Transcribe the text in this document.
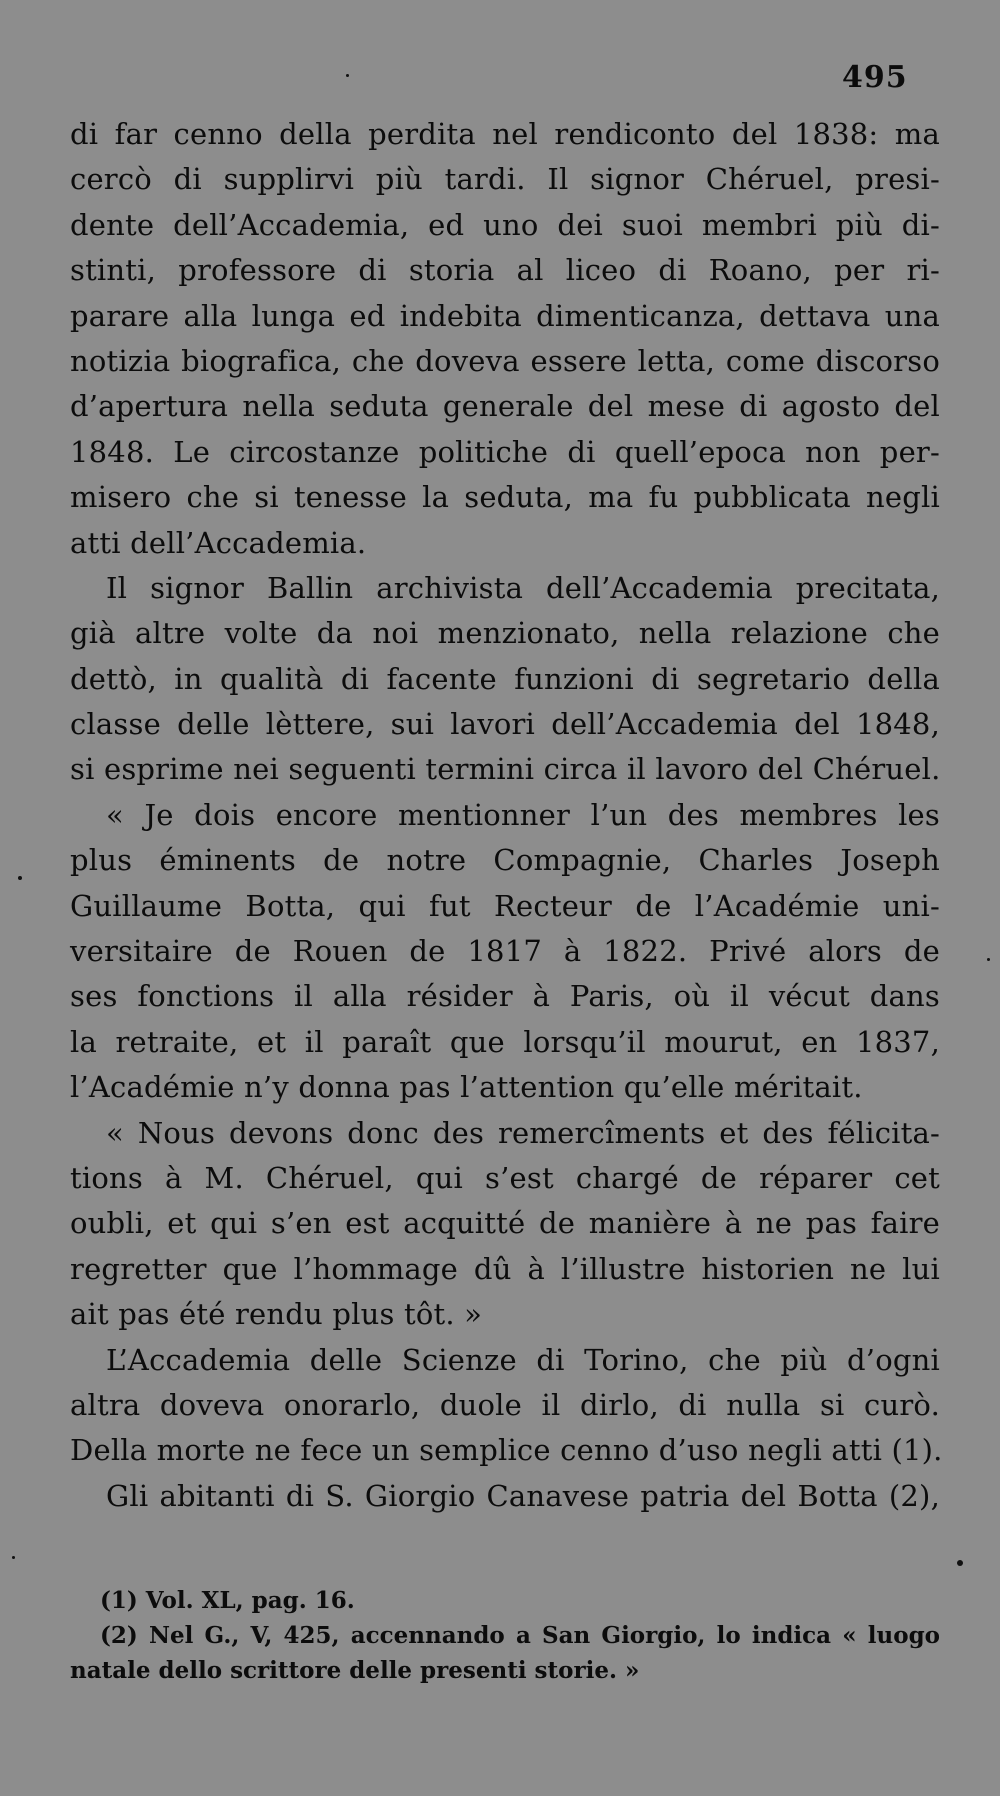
495
di far cenno della perdita nel rendiconto del 1838: ma
cercò di supplirvi più tardi. Il signor Chéruel, presi-
dente dell’Accademia, ed uno dei suoi membri più di-
stinti, professore di storia al liceo di Roano, per ri-
parare alla lunga ed indebita dimenticanza, dettava una
notizia biografica, che doveva essere letta, come discorso
d’apertura nella seduta generale del mese di agosto del
1848. Le circostanze politiche di quell’epoca non per-
misero che si tenesse la seduta, ma fu pubblicata negli
atti dell’Accademia.
Il signor Ballin archivista dell’Accademia precitata,
già altre volte da noi menzionato, nella relazione che
dettò, in qualità di facente funzioni di segretario della
classe delle lèttere, sui lavori dell’Accademia del 1848,
si esprime nei seguenti termini circa il lavoro del Chéruel.
« Je dois encore mentionner l’un des membres les
plus éminents de notre Compagnie, Charles Joseph
Guillaume Botta, qui fut Recteur de l’Académie uni-
versitaire de Rouen de 1817 à 1822. Privé alors de
ses fonctions il alla résider à Paris, où il vécut dans
la retraite, et il paraît que lorsqu’il mourut, en 1837,
l’Académie n’y donna pas l’attention qu’elle méritait.
« Nous devons donc des remercîments et des félicita-
tions à M. Chéruel, qui s’est chargé de réparer cet
oubli, et qui s’en est acquitté de manière à ne pas faire
regretter que l’hommage dû à l’illustre historien ne lui
ait pas été rendu plus tôt. »
L’Accademia delle Scienze di Torino, che più d’ogni
altra doveva onorarlo, duole il dirlo, di nulla si curò.
Della morte ne fece un semplice cenno d’uso negli atti (1).
Gli abitanti di S. Giorgio Canavese patria del Botta (2),
(1) Vol. XL, pag. 16.
(2) Nel G., V, 425, accennando a San Giorgio, lo indica « luogo
natale dello scrittore delle presenti storie. »
